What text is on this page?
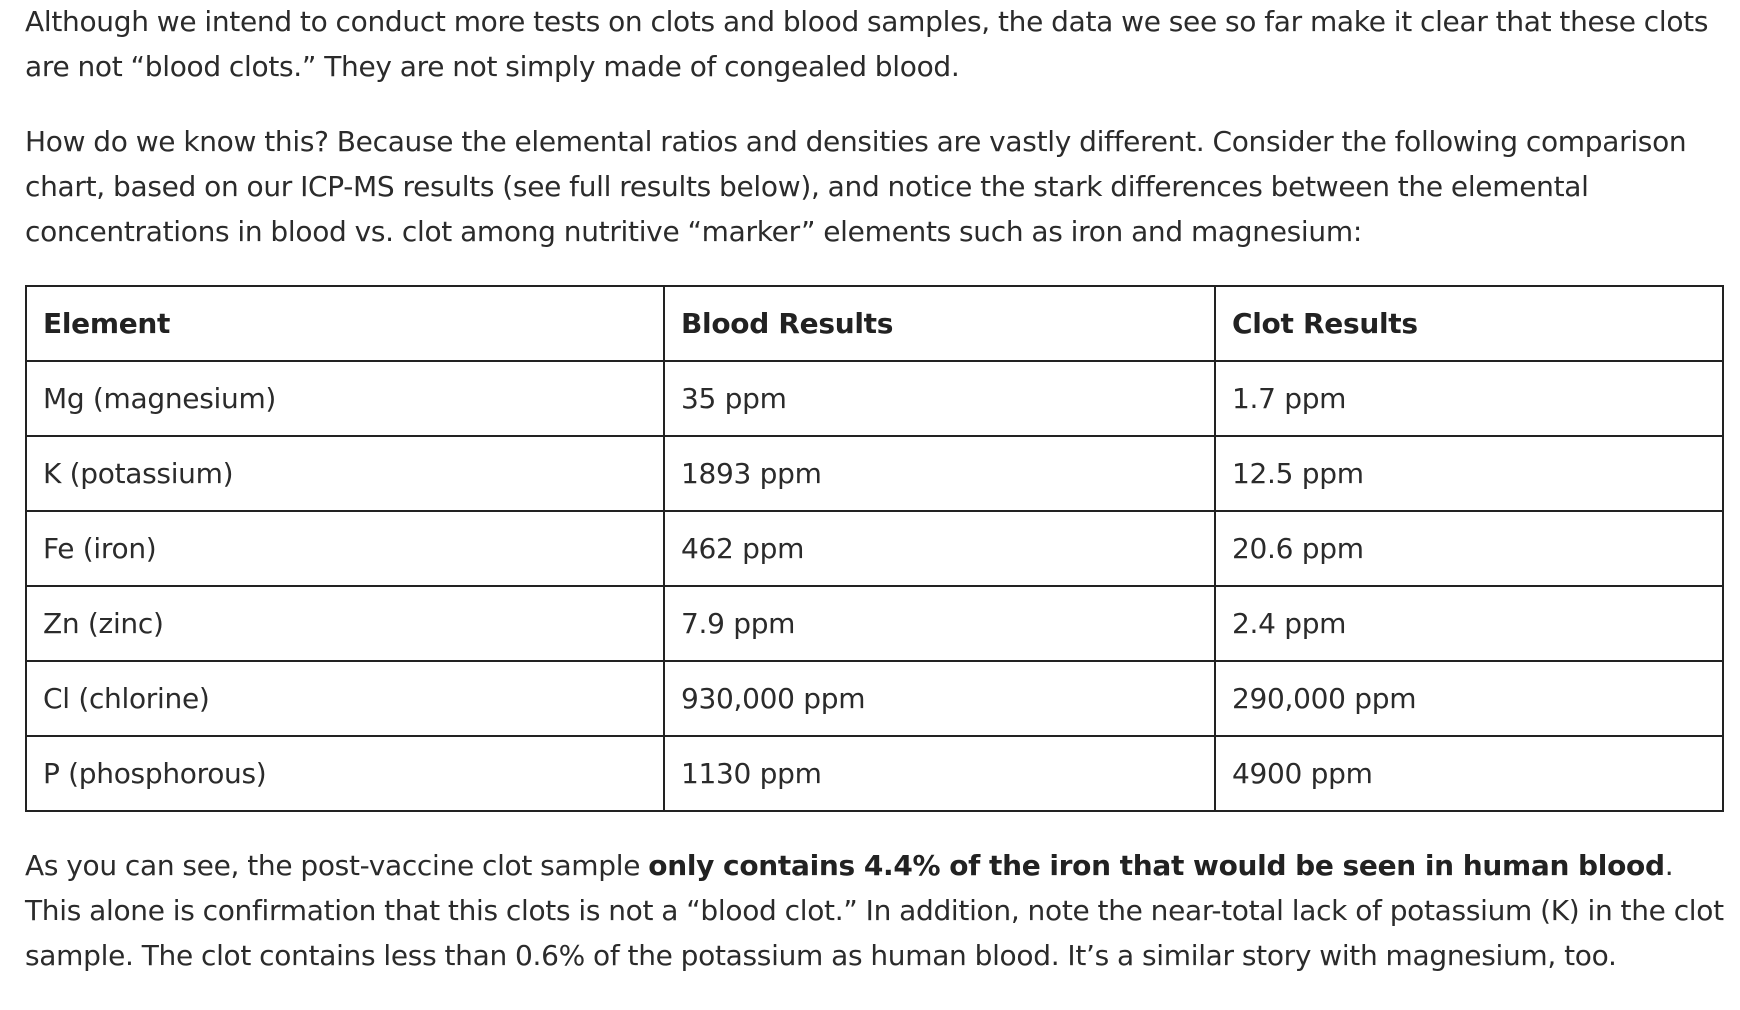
Although we intend to conduct more tests on clots and blood samples, the data we see so far make it clear that these clots are not “blood clots.” They are not simply made of congealed blood.

How do we know this? Because the elemental ratios and densities are vastly different. Consider the following comparison chart, based on our ICP-MS results (see full results below), and notice the stark differences between the elemental concentrations in blood vs. clot among nutritive “marker” elements such as iron and magnesium:

Element	Blood Results	Clot Results
Mg (magnesium)	35 ppm	1.7 ppm
K (potassium)	1893 ppm	12.5 ppm
Fe (iron)	462 ppm	20.6 ppm
Zn (zinc)	7.9 ppm	2.4 ppm
Cl (chlorine)	930,000 ppm	290,000 ppm
P (phosphorous)	1130 ppm	4900 ppm

As you can see, the post-vaccine clot sample only contains 4.4% of the iron that would be seen in human blood. This alone is confirmation that this clots is not a “blood clot.” In addition, note the near-total lack of potassium (K) in the clot sample. The clot contains less than 0.6% of the potassium as human blood. It’s a similar story with magnesium, too.
